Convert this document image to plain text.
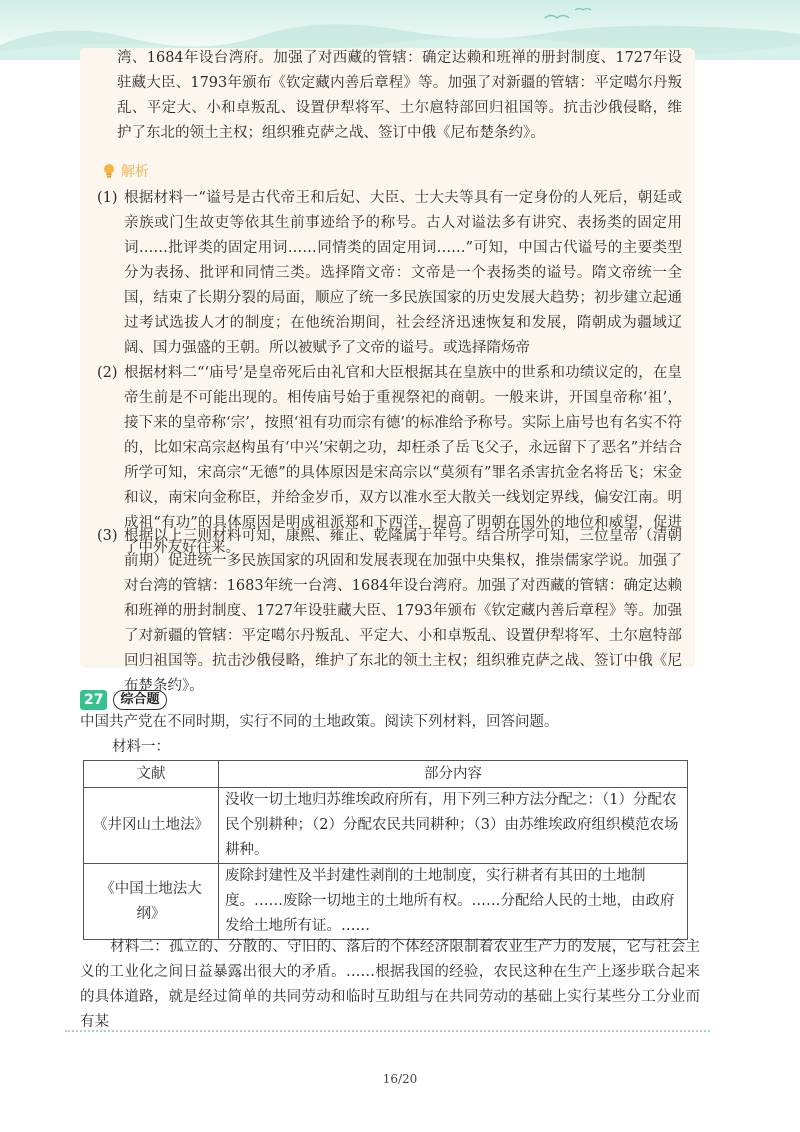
湾、1684年设台湾府。加强了对西藏的管辖：确定达赖和班禅的册封制度、1727年设驻藏大臣、1793年颁布《钦定藏内善后章程》等。加强了对新疆的管辖：平定噶尔丹叛乱、平定大、小和卓叛乱、设置伊犁将军、土尔扈特部回归祖国等。抗击沙俄侵略，维护了东北的领土主权；组织雅克萨之战、签订中俄《尼布楚条约》。
解析
(1) 根据材料一“谥号是古代帝王和后妃、大臣、士大夫等具有一定身份的人死后，朝廷或亲族或门生故吏等依其生前事迹给予的称号。古人对谥法多有讲究、表扬类的固定用词……批评类的固定用词……同情类的固定用词……”可知，中国古代谥号的主要类型分为表扬、批评和同情三类。选择隋文帝：文帝是一个表扬类的谥号。隋文帝统一全国，结束了长期分裂的局面，顺应了统一多民族国家的历史发展大趋势；初步建立起通过考试选拔人才的制度；在他统治期间，社会经济迅速恢复和发展，隋朝成为疆域辽阔、国力强盛的王朝。所以被赋予了文帝的谥号。或选择隋炀帝
(2) 根据材料二“‘庙号’是皇帝死后由礼官和大臣根据其在皇族中的世系和功绩议定的，在皇帝生前是不可能出现的。相传庙号始于重视祭祀的商朝。一般来讲，开国皇帝称‘祖’，接下来的皇帝称‘宗’，按照‘祖有功而宗有德’的标准给予称号。实际上庙号也有名实不符的，比如宋高宗赵构虽有‘中兴’宋朝之功，却枉杀了岳飞父子，永远留下了恶名”并结合所学可知，宋高宗“无德”的具体原因是宋高宗以“莫须有”罪名杀害抗金名将岳飞；宋金和议，南宋向金称臣，并给金岁币，双方以准水至大散关一线划定界线，偏安江南。明成祖“有功”的具体原因是明成祖派郑和下西洋，提高了明朝在国外的地位和威望，促进了中外友好往来。
(3) 根据以上三则材料可知，康熙、雍正、乾隆属于年号。结合所学可知，三位皇帝（清朝前期）促进统一多民族国家的巩固和发展表现在加强中央集权，推崇儒家学说。加强了对台湾的管辖：1683年统一台湾、1684年设台湾府。加强了对西藏的管辖：确定达赖和班禅的册封制度、1727年设驻藏大臣、1793年颁布《钦定藏内善后章程》等。加强了对新疆的管辖：平定噶尔丹叛乱、平定大、小和卓叛乱、设置伊犁将军、土尔扈特部回归祖国等。抗击沙俄侵略，维护了东北的领土主权；组织雅克萨之战、签订中俄《尼布楚条约》。
27	综合题
中国共产党在不同时期，实行不同的土地政策。阅读下列材料，回答问题。
材料一：
文献	部分内容
《井冈山土地法》	没收一切土地归苏维埃政府所有，用下列三种方法分配之：（1）分配农民个别耕种；（2）分配农民共同耕种；（3）由苏维埃政府组织模范农场耕种。
《中国土地法大纲》	废除封建性及半封建性剥削的土地制度，实行耕者有其田的土地制度。……废除一切地主的土地所有权。……分配给人民的土地，由政府发给土地所有证。……
材料二：孤立的、分散的、守旧的、落后的个体经济限制着农业生产力的发展，它与社会主义的工业化之间日益暴露出很大的矛盾。……根据我国的经验，农民这种在生产上逐步联合起来的具体道路，就是经过简单的共同劳动和临时互助组与在共同劳动的基础上实行某些分工分业而有某
16/20
